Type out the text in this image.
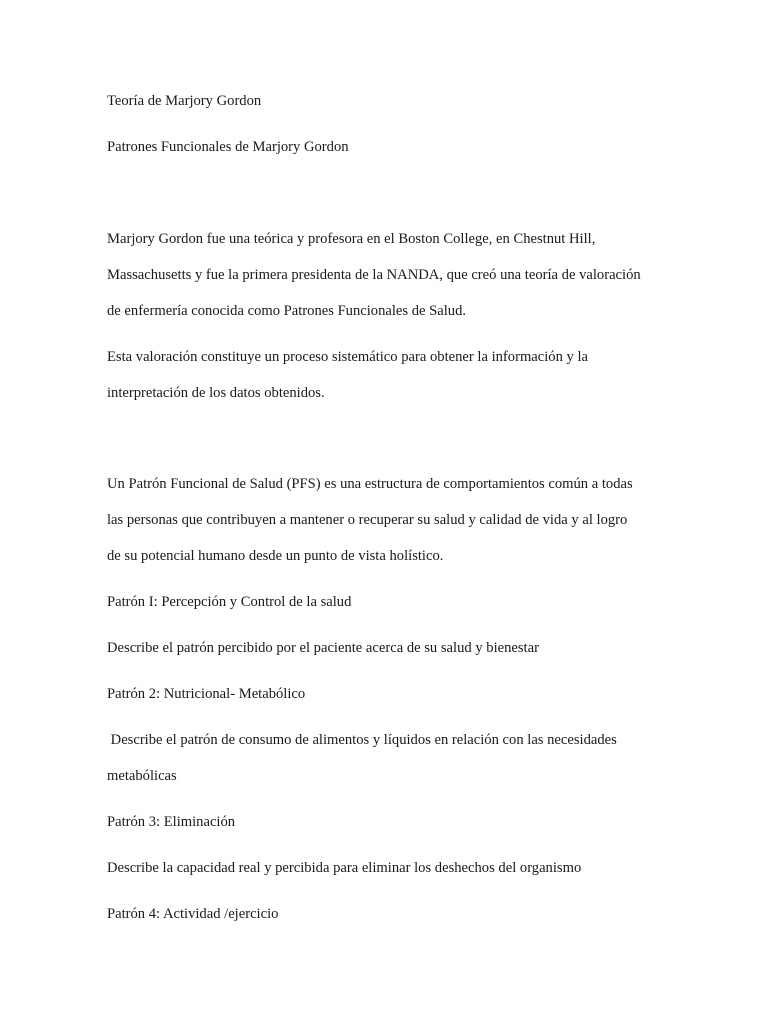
Teoría de Marjory Gordon
Patrones Funcionales de Marjory Gordon
Marjory Gordon fue una teórica y profesora en el Boston College, en Chestnut Hill,
Massachusetts y fue la primera presidenta de la NANDA, que creó una teoría de valoración
de enfermería conocida como Patrones Funcionales de Salud.
Esta valoración constituye un proceso sistemático para obtener la información y la
interpretación de los datos obtenidos.
Un Patrón Funcional de Salud (PFS) es una estructura de comportamientos común a todas
las personas que contribuyen a mantener o recuperar su salud y calidad de vida y al logro
de su potencial humano desde un punto de vista holístico.
Patrón I: Percepción y Control de la salud
Describe el patrón percibido por el paciente acerca de su salud y bienestar
Patrón 2: Nutricional- Metabólico
Describe el patrón de consumo de alimentos y líquidos en relación con las necesidades
metabólicas
Patrón 3: Eliminación
Describe la capacidad real y percibida para eliminar los deshechos del organismo
Patrón 4: Actividad /ejercicio
